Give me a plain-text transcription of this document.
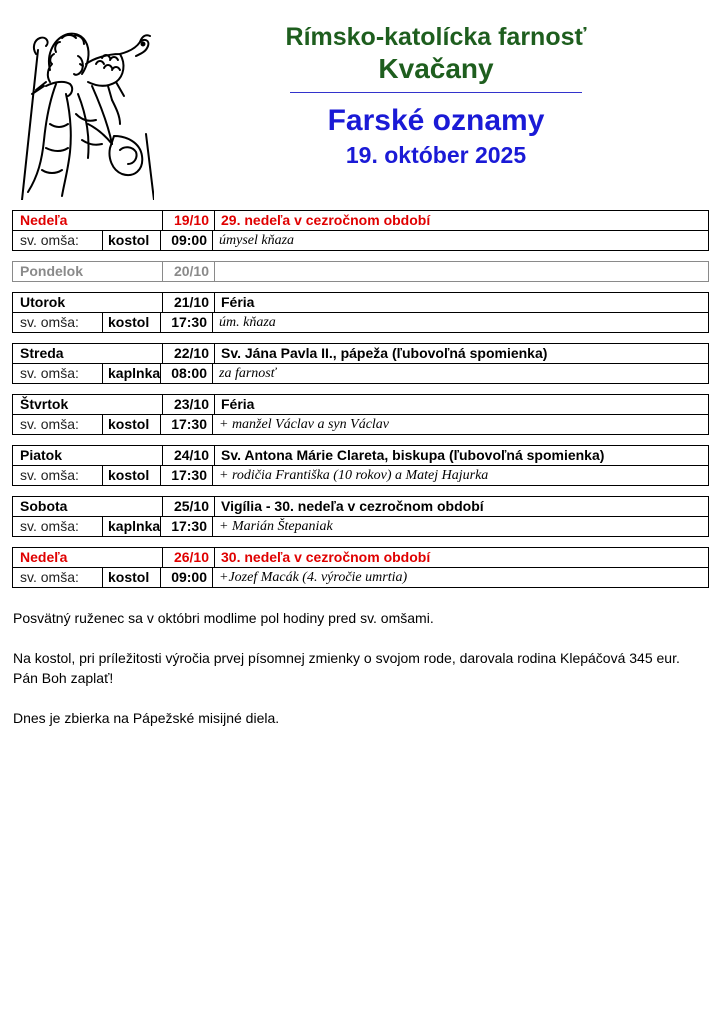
Rímsko-katolícka farnosť
Kvačany
Farské oznamy
19. október 2025
Nedeľa	19/10 29. nedeľa v cezročnom období
sv. omša:	kostol	09:00 úmysel kňaza
Pondelok	20/10
Utorok	21/10 Féria
sv. omša:	kostol	17:30 úm. kňaza
Streda	22/10 Sv. Jána Pavla II., pápeža (ľubovoľná spomienka)
sv. omša:	kaplnka 08:00 za farnosť
Štvrtok	23/10 Féria
sv. omša:	kostol	17:30 + manžel Václav a syn Václav
Piatok	24/10 Sv. Antona Márie Clareta, biskupa (ľubovoľná spomienka)
sv. omša:	kostol	17:30 + rodičia Františka (10 rokov) a Matej Hajurka
Sobota	25/10 Vigília - 30. nedeľa v cezročnom období
sv. omša:	kaplnka 17:30 + Marián Štepaniak
Nedeľa	26/10 30. nedeľa v cezročnom období
sv. omša:	kostol	09:00 +Jozef Macák (4. výročie umrtia)

Posvätný ruženec sa v októbri modlime pol hodiny pred sv. omšami.

Na kostol, pri príležitosti výročia prvej písomnej zmienky o svojom rode, darovala rodina Klepáčová 345 eur. Pán Boh zaplať!

Dnes je zbierka na Pápežské misijné diela.
